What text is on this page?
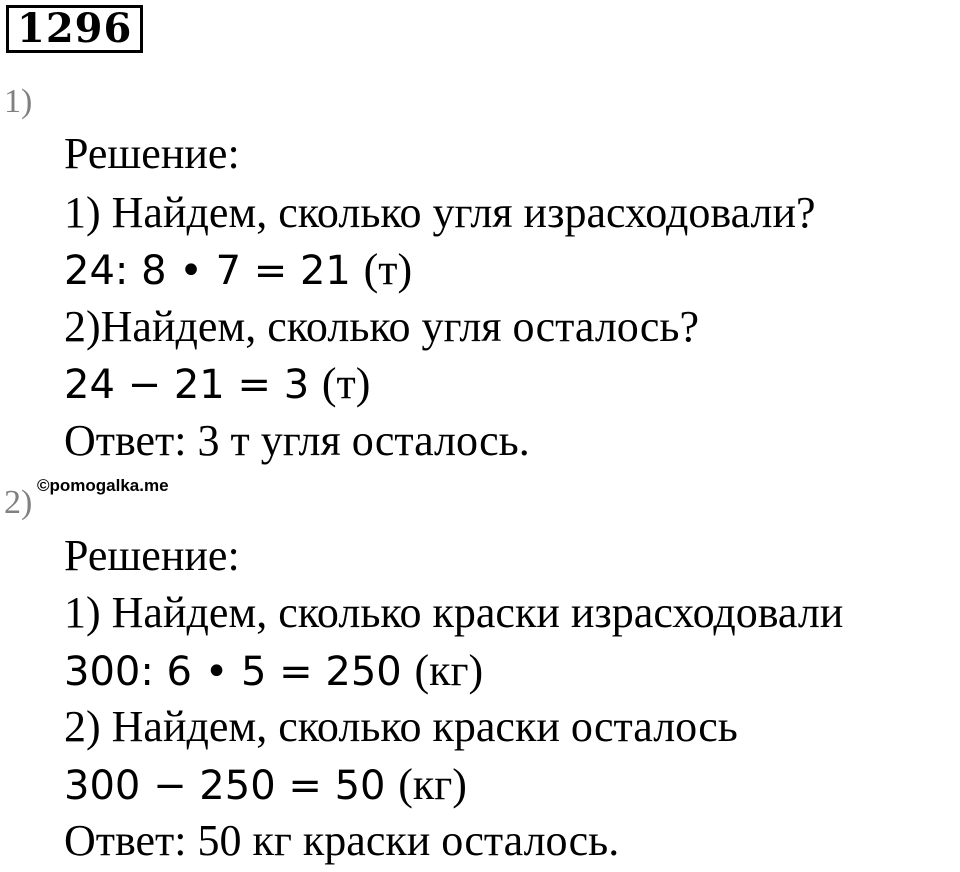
1296
1)
Решение:
1) Найдем, сколько угля израсходовали?
24: 8 • 7 = 21 (т)
2)Найдем, сколько угля осталось?
24 − 21 = 3 (т)
Ответ: 3 т угля осталось.
©pomogalka.me
2)
Решение:
1) Найдем, сколько краски израсходовали
300: 6 • 5 = 250 (кг)
2) Найдем, сколько краски осталось
300 − 250 = 50 (кг)
Ответ: 50 кг краски осталось.
